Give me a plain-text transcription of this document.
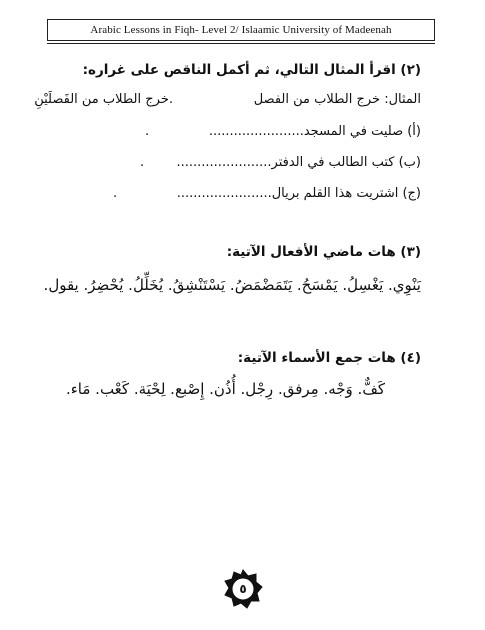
Arabic Lessons in Fiqh- Level 2/ Islaamic University of Madeenah
(٢) اقرأ المثال التالي، ثم أكمل الناقص على غراره:
المثال: خرج الطلاب من الفصل
.خرج الطلاب من الفَصلَيْنِ
(أ) صليت في المسجد.......................
.
(ب) كتب الطالب في الدفتر.......................
.
(ج) اشتريت هذا القلم بريال.......................
.
(٣) هات ماضي الأفعال الآتية:
يَنْوِي. يَغْسِلُ. يَمْسَحُ. يَتَمَضْمَضُ. يَسْتَنْشِقُ. يُخَلِّلُ. يُحْضِرُ. يقول.
(٤) هات جمع الأسماء الآتية:
كَفٌّ. وَجْه. مِرفق. رِجْل. أُذُن. إِصْبع. لِحْيَة. كَعْب. مَاء.
٥
